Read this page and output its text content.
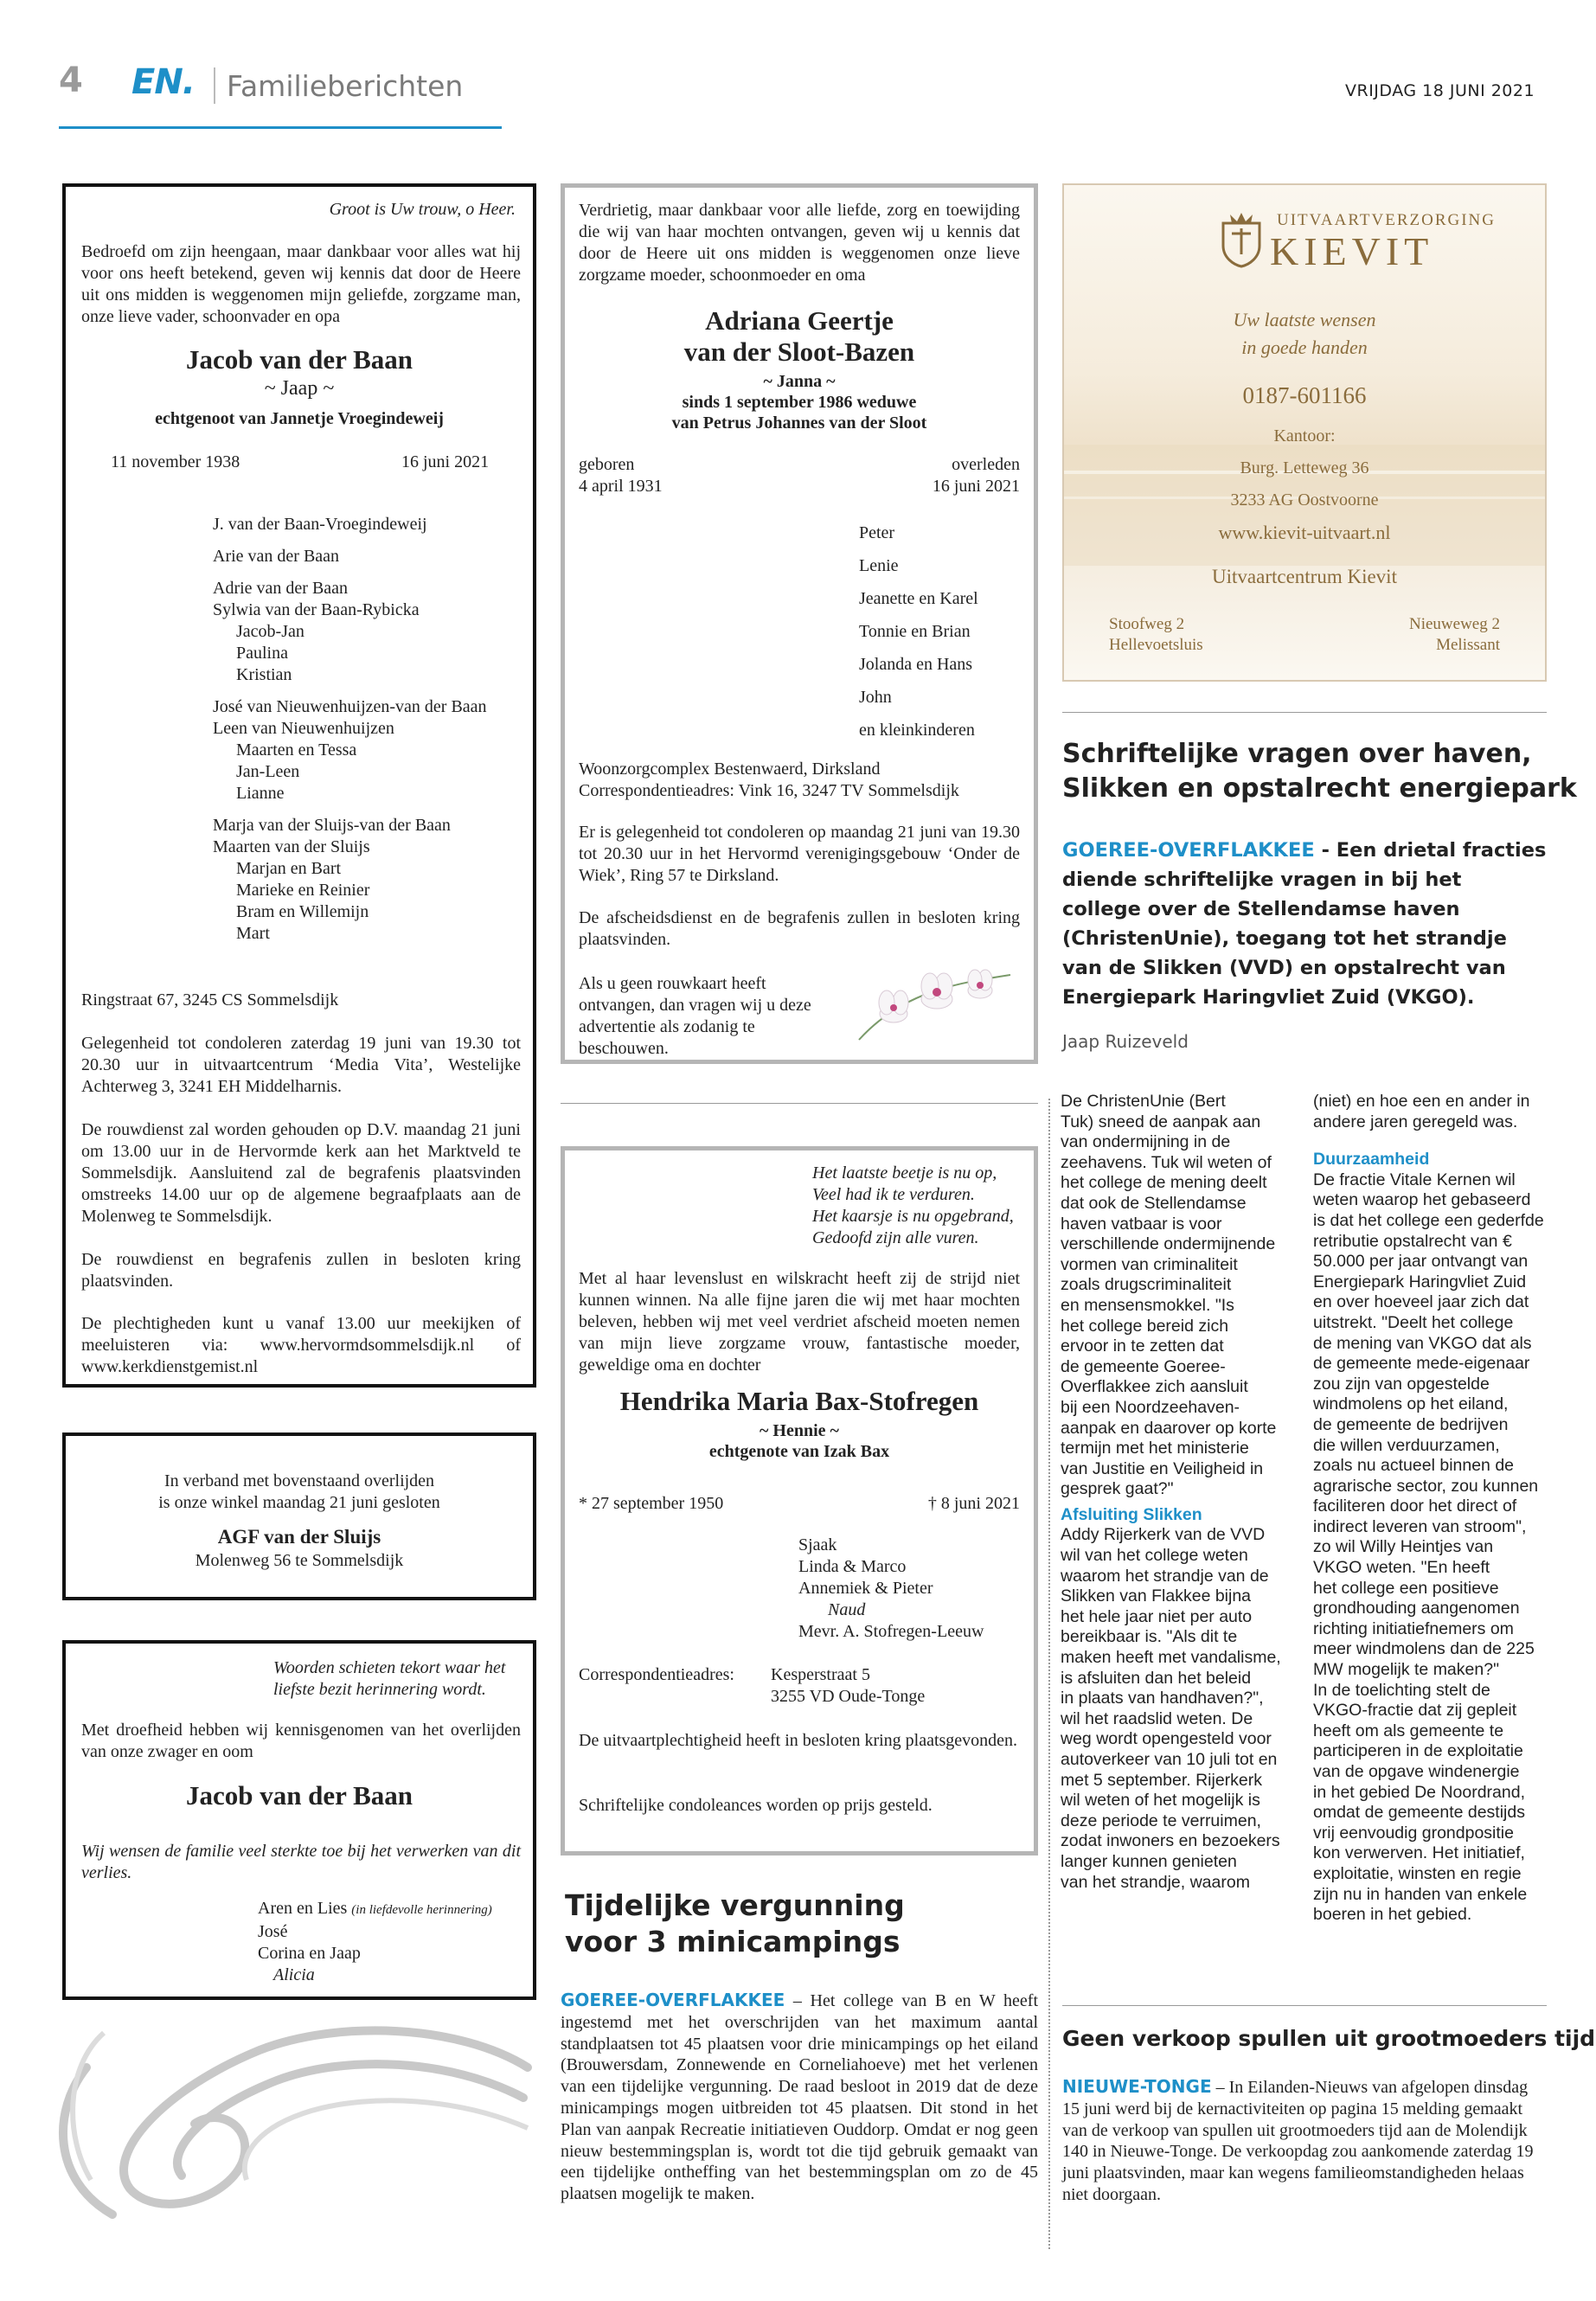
4 EN. Familieberichten	VRIJDAG 18 JUNI 2021
Groot is Uw trouw, o Heer.
Bedroefd om zijn heengaan, maar dankbaar voor alles wat hij voor ons heeft betekend, geven wij kennis dat door de Heere uit ons midden is weggenomen mijn geliefde, zorgzame man, onze lieve vader, schoonvader en opa
Jacob van der Baan
~ Jaap ~
echtgenoot van Jannetje Vroegindeweij
11 november 1938	16 juni 2021

J. van der Baan-Vroegindeweij

Arie van der Baan

Adrie van der Baan

Sylwia van der Baan-Rybicka

Jacob-Jan

Paulina

Kristian

José van Nieuwenhuijzen-van der Baan

Leen van Nieuwenhuijzen

Maarten en Tessa

Jan-Leen

Lianne

Marja van der Sluijs-van der Baan

Maarten van der Sluijs

Marjan en Bart

Marieke en Reinier

Bram en Willemijn

Mart

Ringstraat 67, 3245 CS Sommelsdijk
Gelegenheid tot condoleren zaterdag 19 juni van 19.30 tot 20.30 uur in uitvaartcentrum ‘Media Vita’, Westelijke Achterweg 3, 3241 EH Middelharnis.
De rouwdienst zal worden gehouden op D.V. maandag 21 juni om 13.00 uur in de Hervormde kerk aan het Marktveld te Sommelsdijk. Aansluitend zal de begrafenis plaatsvinden omstreeks 14.00 uur op de algemene begraafplaats aan de Molenweg te Sommelsdijk.
De rouwdienst en begrafenis zullen in besloten kring plaatsvinden.
De plechtigheden kunt u vanaf 13.00 uur meekijken of meeluisteren via: www.hervormdsommelsdijk.nl of www.kerkdienstgemist.nl
In verband met bovenstaand overlijden
is onze winkel maandag 21 juni gesloten
AGF van der Sluijs
Molenweg 56 te Sommelsdijk

Woorden schieten tekort waar het

liefste bezit herinnering wordt.

Met droefheid hebben wij kennisgenomen van het overlijden van onze zwager en oom
Jacob van der Baan
Wij wensen de familie veel sterkte toe bij het verwerken van dit verlies.

Aren en Lies (in liefdevolle herinnering)

José

Corina en Jaap

Alicia

Verdrietig, maar dankbaar voor alle liefde, zorg en toewijding die wij van haar mochten ontvangen, geven wij u kennis dat door de Heere uit ons midden is weggenomen onze lieve zorgzame moeder, schoonmoeder en oma
Adriana Geertje
van der Sloot-Bazen
~ Janna ~
sinds 1 september 1986 weduwe
van Petrus Johannes van der Sloot

geboren

4 april 1931

overleden

16 juni 2021

Peter

Lenie

Jeanette en Karel

Tonnie en Brian

Jolanda en Hans

John

en kleinkinderen

Woonzorgcomplex Bestenwaerd, Dirksland

Correspondentieadres: Vink 16, 3247 TV Sommelsdijk

Er is gelegenheid tot condoleren op maandag 21 juni van 19.30 tot 20.30 uur in het Hervormd verenigingsgebouw ‘Onder de Wiek’, Ring 57 te Dirksland.
De afscheidsdienst en de begrafenis zullen in besloten kring plaatsvinden.
Als u geen rouwkaart heeft ontvangen, dan vragen wij u deze advertentie als zodanig te beschouwen.

Het laatste beetje is nu op,

Veel had ik te verduren.

Het kaarsje is nu opgebrand,

Gedoofd zijn alle vuren.

Met al haar levenslust en wilskracht heeft zij de strijd niet kunnen winnen. Na alle fijne jaren die wij met haar mochten beleven, hebben wij met veel verdriet afscheid moeten nemen van mijn lieve zorgzame vrouw, fantastische moeder, geweldige oma en dochter
Hendrika Maria Bax-Stofregen
~ Hennie ~
echtgenote van Izak Bax
* 27 september 1950	† 8 juni 2021

Sjaak

Linda & Marco

Annemiek & Pieter

Naud

Mevr. A. Stofregen-Leeuw

Correspondentieadres: Kesperstraat 5

3255 VD Oude-Tonge

De uitvaartplechtigheid heeft in besloten kring plaatsgevonden.
Schriftelijke condoleances worden op prijs gesteld.

Tijdelijke vergunning

voor 3 minicampings

GOEREE-OVERFLAKKEE – Het college van B en W heeft ingestemd met het overschrijden van het maximum aantal standplaatsen tot 45 plaatsen voor drie minicampings op het eiland (Brouwersdam, Zonnewende en Corneliahoeve) met het verlenen van een tijdelijke vergunning. De raad besloot in 2019 dat de deze minicampings mogen uitbreiden tot 45 plaatsen. Dit stond in het Plan van aanpak Recreatie initiatieven Ouddorp. Omdat er nog geen nieuw bestemmingsplan is, wordt tot die tijd gebruik gemaakt van een tijdelijke ontheffing van het bestemmingsplan om zo de 45 plaatsen mogelijk te maken.
UITVAARTVERZORGING
KIEVIT

Uw laatste wensen

in goede handen

0187-601166

Kantoor:

Burg. Letteweg 36

3233 AG Oostvoorne

www.kievit-uitvaart.nl

Uitvaartcentrum Kievit

Stoofweg 2

Hellevoetsluis

Nieuweweg 2

Melissant

Schriftelijke vragen over haven,

Slikken en opstalrecht energiepark

GOEREE-OVERFLAKKEE - Een drietal fracties diende schriftelijke vragen in bij het college over de Stellendamse haven (ChristenUnie), toegang tot het strandje van de Slikken (VVD) en opstalrecht van Energiepark Haringvliet Zuid (VKGO).
Jaap Ruizeveld

De ChristenUnie (Bert

Tuk) sneed de aanpak aan

van ondermijning in de

zeehavens. Tuk wil weten of

het college de mening deelt

dat ook de Stellendamse

haven vatbaar is voor

verschillende ondermijnende

vormen van criminaliteit

zoals drugscriminaliteit

en mensensmokkel. "Is

het college bereid zich

ervoor in te zetten dat

de gemeente Goeree-

Overflakkee zich aansluit

bij een Noordzeehaven-

aanpak en daarover op korte

termijn met het ministerie

van Justitie en Veiligheid in

gesprek gaat?"

Afsluiting Slikken

Addy Rijerkerk van de VVD

wil van het college weten

waarom het strandje van de

Slikken van Flakkee bijna

het hele jaar niet per auto

bereikbaar is. "Als dit te

maken heeft met vandalisme,

is afsluiten dan het beleid

in plaats van handhaven?",

wil het raadslid weten. De

weg wordt opengesteld voor

autoverkeer van 10 juli tot en

met 5 september. Rijerkerk

wil weten of het mogelijk is

deze periode te verruimen,

zodat inwoners en bezoekers

langer kunnen genieten

van het strandje, waarom

(niet) en hoe een en ander in

andere jaren geregeld was.

Duurzaamheid

De fractie Vitale Kernen wil

weten waarop het gebaseerd

is dat het college een gederfde

retributie opstalrecht van €

50.000 per jaar ontvangt van

Energiepark Haringvliet Zuid

en over hoeveel jaar zich dat

uitstrekt. "Deelt het college

de mening van VKGO dat als

de gemeente mede-eigenaar

zou zijn van opgestelde

windmolens op het eiland,

de gemeente de bedrijven

die willen verduurzamen,

zoals nu actueel binnen de

agrarische sector, zou kunnen

faciliteren door het direct of

indirect leveren van stroom",

zo wil Willy Heintjes van

VKGO weten. "En heeft

het college een positieve

grondhouding aangenomen

richting initiatiefnemers om

meer windmolens dan de 225

MW mogelijk te maken?"

In de toelichting stelt de

VKGO-fractie dat zij gepleit

heeft om als gemeente te

participeren in de exploitatie

van de opgave windenergie

in het gebied De Noordrand,

omdat de gemeente destijds

vrij eenvoudig grondpositie

kon verwerven. Het initiatief,

exploitatie, winsten en regie

zijn nu in handen van enkele

boeren in het gebied.

Geen verkoop spullen uit grootmoeders tijd
NIEUWE-TONGE – In Eilanden-Nieuws van afgelopen dinsdag 15 juni werd bij de kernactiviteiten op pagina 15 melding gemaakt van de verkoop van spullen uit grootmoeders tijd aan de Molendijk 140 in Nieuwe-Tonge. De verkoopdag zou aankomende zaterdag 19 juni plaatsvinden, maar kan wegens familieomstandigheden helaas niet doorgaan.
